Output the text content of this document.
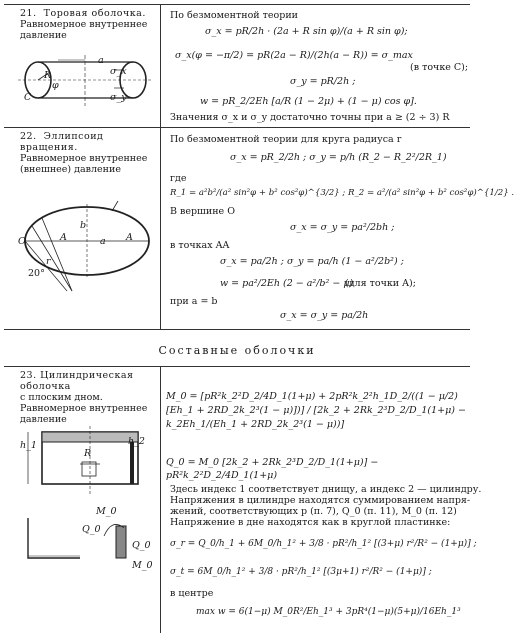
21. Торовая оболочка.
Равномерное внутреннее давление
a
R
C
φ
σ_x
σ_y
По безмоментной теории
σ_x = pR/2h · (2a + R sin φ)/(a + R sin φ);
σ_x(φ = −π/2) = pR(2a − R)/(2h(a − R)) = σ_max
(в точке C);
σ_y = pR/2h ;
w = pR_2/2Eh [a/R (1 − 2μ) + (1 − μ) cos φ].
Значения σ_x и σ_y достаточно точны при a ≥ (2 ÷ 3) R
22. Эллипсоид вращения.
Равномерное внутреннее (внешнее) давление
O	A	A
a
b
r
20°
По безмоментной теории для круга радиуса r
σ_x = pR_2/2h ; σ_y = p/h (R_2 − R_2²/2R_1)
где
R_1 = a²b²/(a² sin²φ + b² cos²φ)^{3/2} ; R_2 = a²/(a² sin²φ + b² cos²φ)^{1/2} .
В вершине O
σ_x = σ_y = pa²/2bh ;
в точках AA
σ_x = pa/2h ; σ_y = pa/h (1 − a²/2b²) ;
w = pa²/2Eh (2 − a²/b² − μ)
(для точки A);
при a = b
σ_x = σ_y = pa/2h
Составные оболочки
23. Цилиндрическая оболочка
с плоским дном. Равномерное внутреннее давление
R
h_1	h_2
Q_0
M_0
Q_0
M_0
M_0 = [pR²k_2²D_2/4D_1(1+μ) + 2pR²k_2²h_1D_2/((1 − μ/2)[Eh_1 + 2RD_2k_2³(1 − μ)])] / [2k_2 + 2Rk_2³D_2/D_1(1+μ) − k_2Eh_1/(Eh_1 + 2RD_2k_2³(1 − μ))]
Q_0 = M_0 [2k_2 + 2Rk_2³D_2/D_1(1+μ)] − pR²k_2²D_2/4D_1(1+μ)
Здесь индекс 1 соответствует днищу, а индекс 2 — цилиндру.
Напряжения в цилиндре находятся суммированием напря-
жений, соответствующих p (п. 7), Q_0 (п. 11), M_0 (п. 12)
Напряжение в дне находятся как в круглой пластинке:
σ_r = Q_0/h_1 + 6M_0/h_1² + 3/8 · pR²/h_1² [(3+μ) r²/R² − (1+μ)] ;
σ_t = 6M_0/h_1² + 3/8 · pR²/h_1² [(3μ+1) r²/R² − (1+μ)] ;
в центре
max w = 6(1−μ) M_0R²/Eh_1³ + 3pR⁴(1−μ)(5+μ)/16Eh_1³
